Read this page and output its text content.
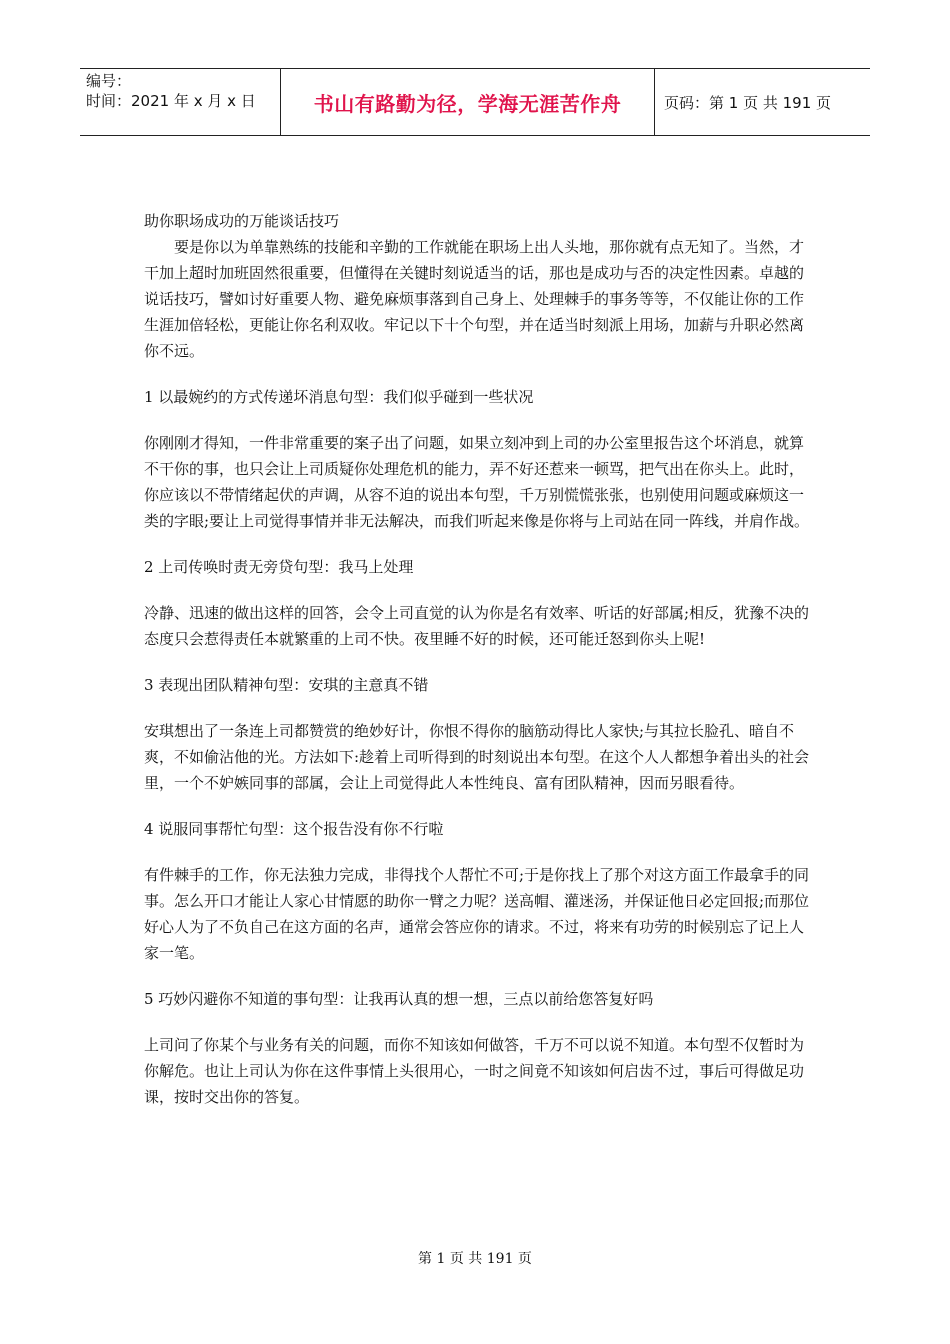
编号：
时间：2021 年 x 月 x 日	书山有路勤为径，学海无涯苦作舟	页码：第 1 页 共 191 页

助你职场成功的万能谈话技巧

要是你以为单靠熟练的技能和辛勤的工作就能在职场上出人头地，那你就有点无知了。当然，才干加上超时加班固然很重要，但懂得在关键时刻说适当的话，那也是成功与否的决定性因素。卓越的说话技巧，譬如讨好重要人物、避免麻烦事落到自己身上、处理棘手的事务等等，不仅能让你的工作生涯加倍轻松，更能让你名利双收。牢记以下十个句型，并在适当时刻派上用场，加薪与升职必然离你不远。

1 以最婉约的方式传递坏消息句型：我们似乎碰到一些状况

你刚刚才得知，一件非常重要的案子出了问题，如果立刻冲到上司的办公室里报告这个坏消息，就算不干你的事，也只会让上司质疑你处理危机的能力，弄不好还惹来一顿骂，把气出在你头上。此时，你应该以不带情绪起伏的声调，从容不迫的说出本句型，千万别慌慌张张，也别使用问题或麻烦这一类的字眼;要让上司觉得事情并非无法解决，而我们听起来像是你将与上司站在同一阵线，并肩作战。

2 上司传唤时责无旁贷句型：我马上处理

冷静、迅速的做出这样的回答，会令上司直觉的认为你是名有效率、听话的好部属;相反，犹豫不决的态度只会惹得责任本就繁重的上司不快。夜里睡不好的时候，还可能迁怒到你头上呢!

3 表现出团队精神句型：安琪的主意真不错

安琪想出了一条连上司都赞赏的绝妙好计，你恨不得你的脑筋动得比人家快;与其拉长脸孔、暗自不爽，不如偷沾他的光。方法如下:趁着上司听得到的时刻说出本句型。在这个人人都想争着出头的社会里，一个不妒嫉同事的部属，会让上司觉得此人本性纯良、富有团队精神，因而另眼看待。

4 说服同事帮忙句型：这个报告没有你不行啦

有件棘手的工作，你无法独力完成，非得找个人帮忙不可;于是你找上了那个对这方面工作最拿手的同事。怎么开口才能让人家心甘情愿的助你一臂之力呢？送高帽、灌迷汤，并保证他日必定回报;而那位好心人为了不负自己在这方面的名声，通常会答应你的请求。不过，将来有功劳的时候别忘了记上人家一笔。

5 巧妙闪避你不知道的事句型：让我再认真的想一想，三点以前给您答复好吗

上司问了你某个与业务有关的问题，而你不知该如何做答，千万不可以说不知道。本句型不仅暂时为你解危。也让上司认为你在这件事情上头很用心，一时之间竟不知该如何启齿不过，事后可得做足功课，按时交出你的答复。

第 1 页 共 191 页
